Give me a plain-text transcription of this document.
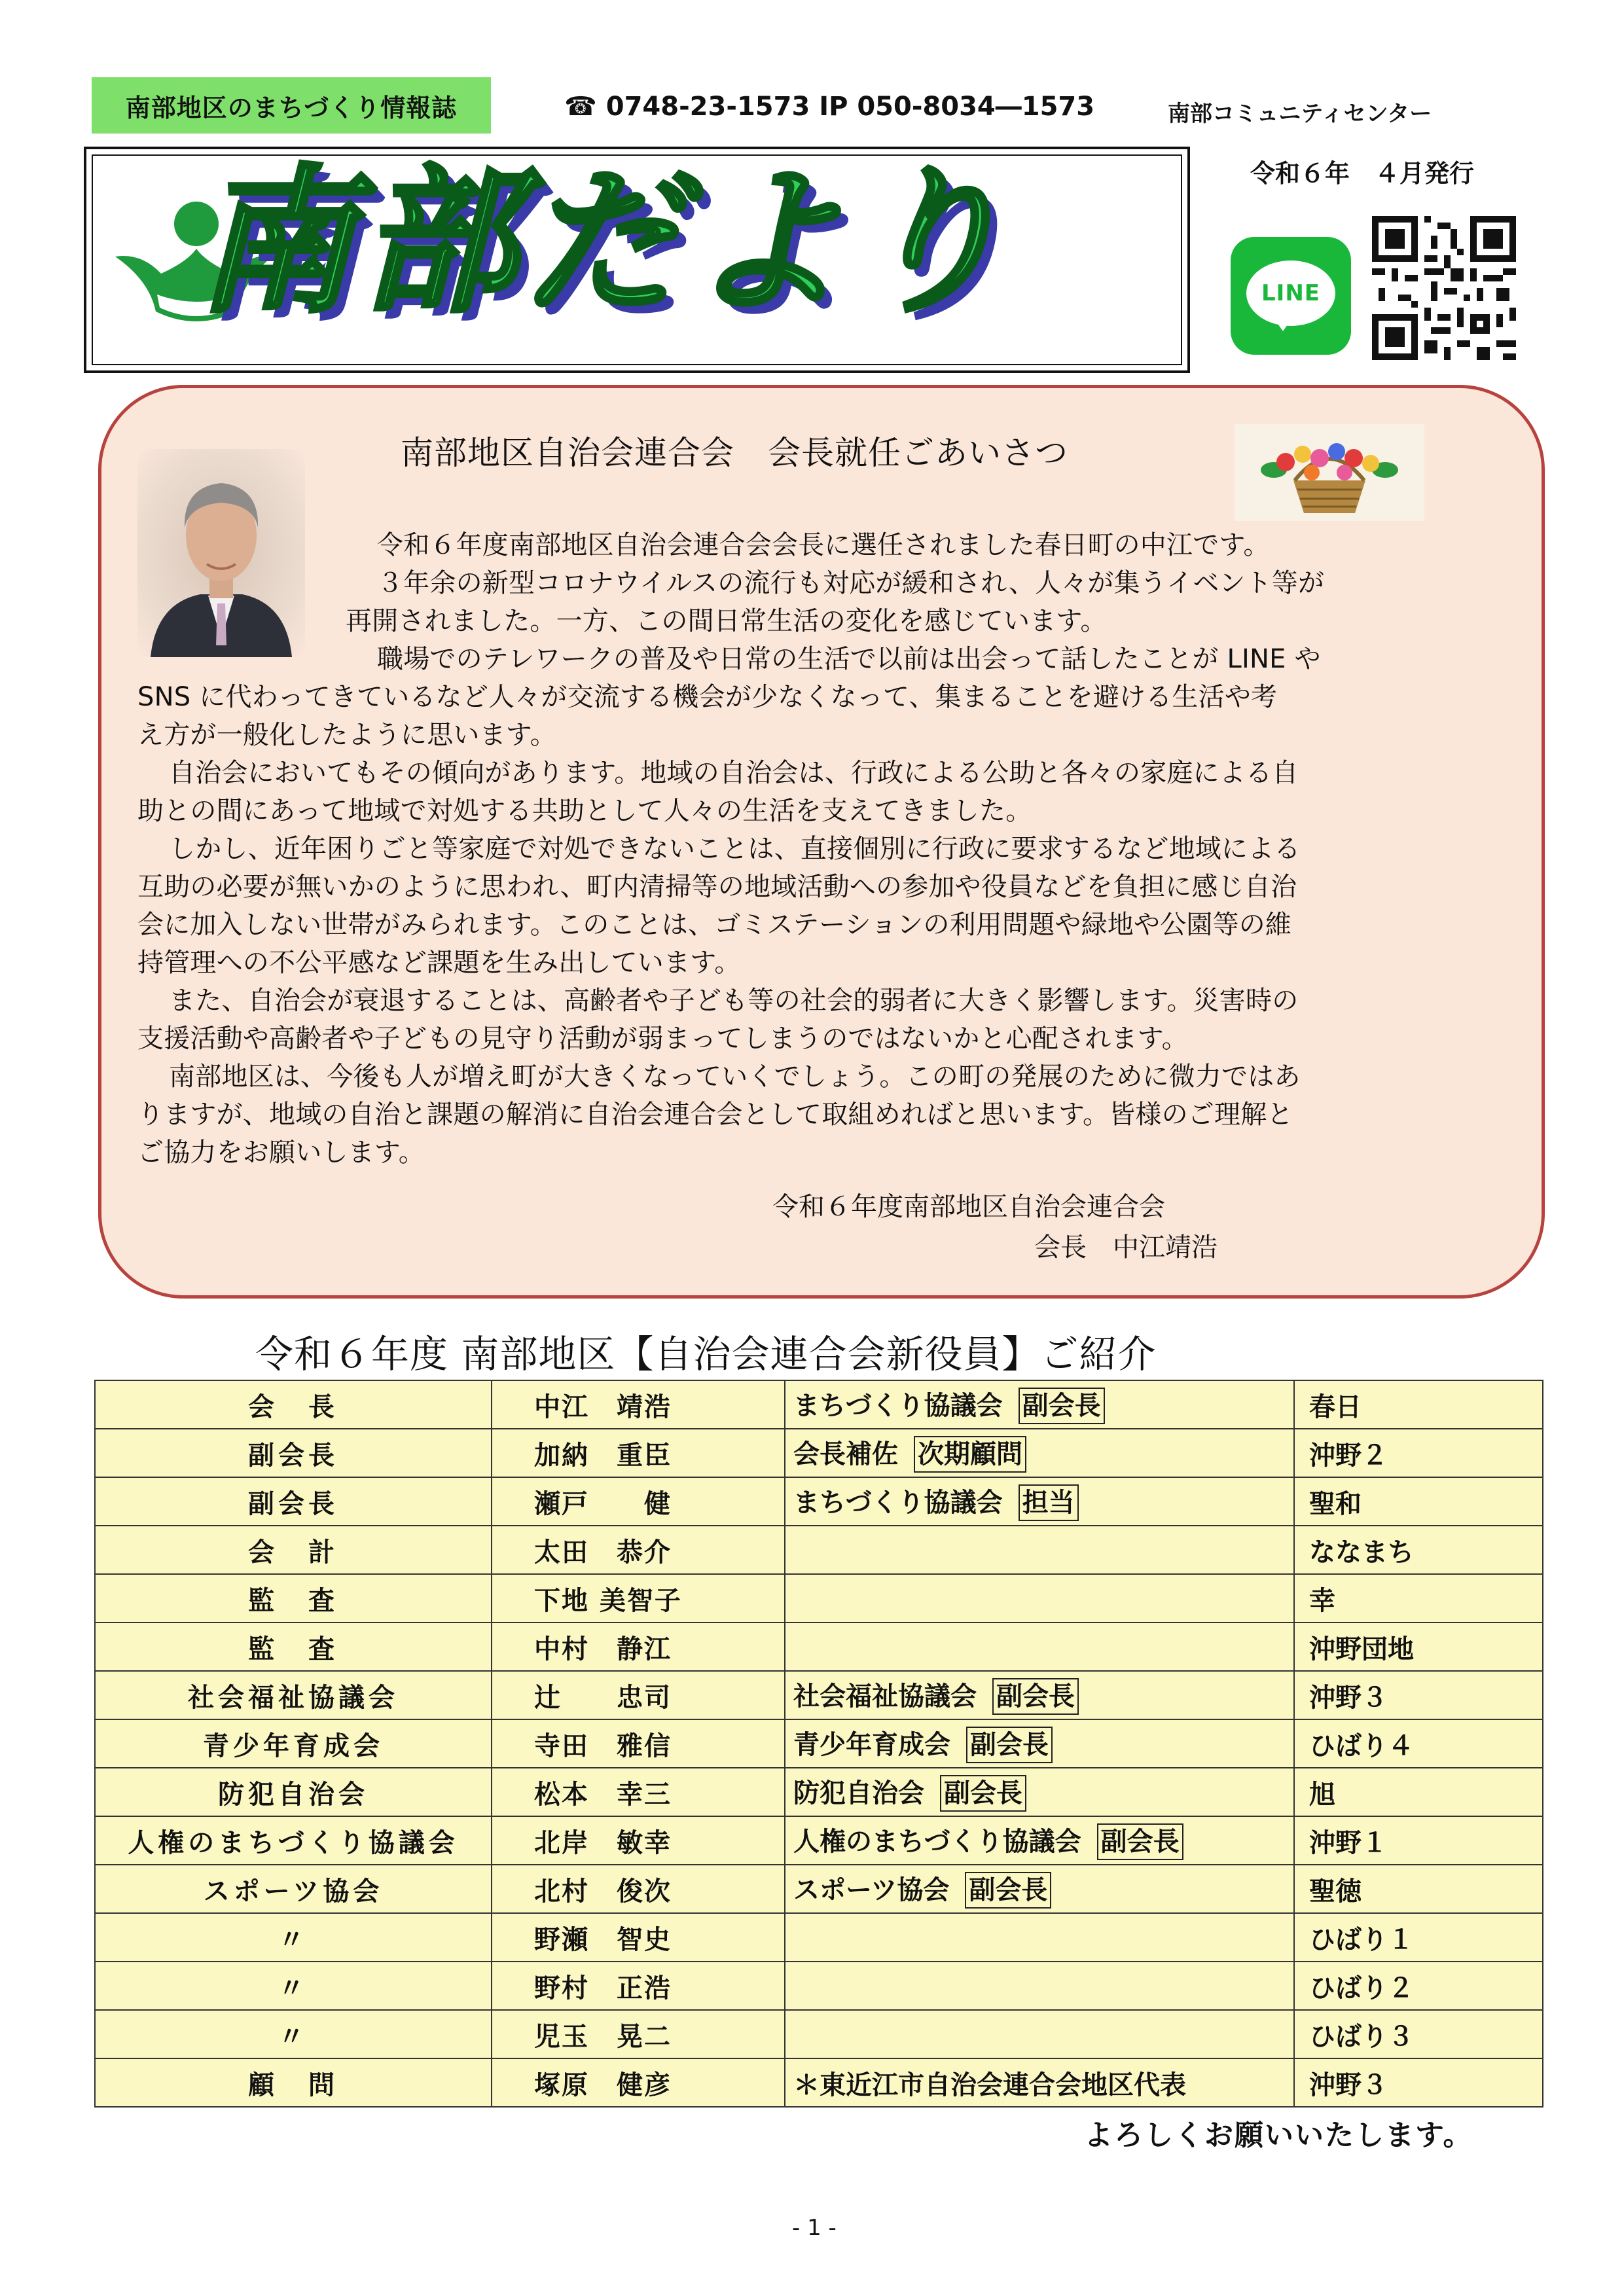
南部地区のまちづくり情報誌	☎ 0748-23-1573 IP 050-8034―1573	南部コミュニティセンター
令和６年　４月発行
南部だより	LINE
南部地区自治会連合会　会長就任ごあいさつ
令和６年度南部地区自治会連合会会長に選任されました春日町の中江です。
３年余の新型コロナウイルスの流行も対応が緩和され、人々が集うイベント等が
再開されました。一方、この間日常生活の変化を感じています。
職場でのテレワークの普及や日常の生活で以前は出会って話したことが LINE や
SNS に代わってきているなど人々が交流する機会が少なくなって、集まることを避ける生活や考
え方が一般化したように思います。
自治会においてもその傾向があります。地域の自治会は、行政による公助と各々の家庭による自
助との間にあって地域で対処する共助として人々の生活を支えてきました。
しかし、近年困りごと等家庭で対処できないことは、直接個別に行政に要求するなど地域による
互助の必要が無いかのように思われ、町内清掃等の地域活動への参加や役員などを負担に感じ自治
会に加入しない世帯がみられます。このことは、ゴミステーションの利用問題や緑地や公園等の維
持管理への不公平感など課題を生み出しています。
また、自治会が衰退することは、高齢者や子ども等の社会的弱者に大きく影響します。災害時の
支援活動や高齢者や子どもの見守り活動が弱まってしまうのではないかと心配されます。
南部地区は、今後も人が増え町が大きくなっていくでしょう。この町の発展のために微力ではあ
りますが、地域の自治と課題の解消に自治会連合会として取組めればと思います。皆様のご理解と
ご協力をお願いします。
令和６年度南部地区自治会連合会
会長　中江靖浩
令和６年度 南部地区【自治会連合会新役員】ご紹介
会　長	中江　靖浩	まちづくり協議会 副会長	春日
副会長	加納　重臣	会長補佐 次期顧問	沖野２
副会長	瀬戸　　健	まちづくり協議会 担当	聖和
会　計	太田　恭介		ななまち
監　査	下地 美智子		幸
監　査	中村　静江		沖野団地
社会福祉協議会	辻　　忠司	社会福祉協議会 副会長	沖野３
青少年育成会	寺田　雅信	青少年育成会 副会長	ひばり４
防犯自治会	松本　幸三	防犯自治会 副会長	旭
人権のまちづくり協議会	北岸　敏幸	人権のまちづくり協議会 副会長	沖野１
スポーツ協会	北村　俊次	スポーツ協会 副会長	聖徳
〃	野瀬　智史		ひばり１
〃	野村　正浩		ひばり２
〃	児玉　晃二		ひばり３
顧　問	塚原　健彦	＊東近江市自治会連合会地区代表	沖野３
よろしくお願いいたします。
- 1 -
